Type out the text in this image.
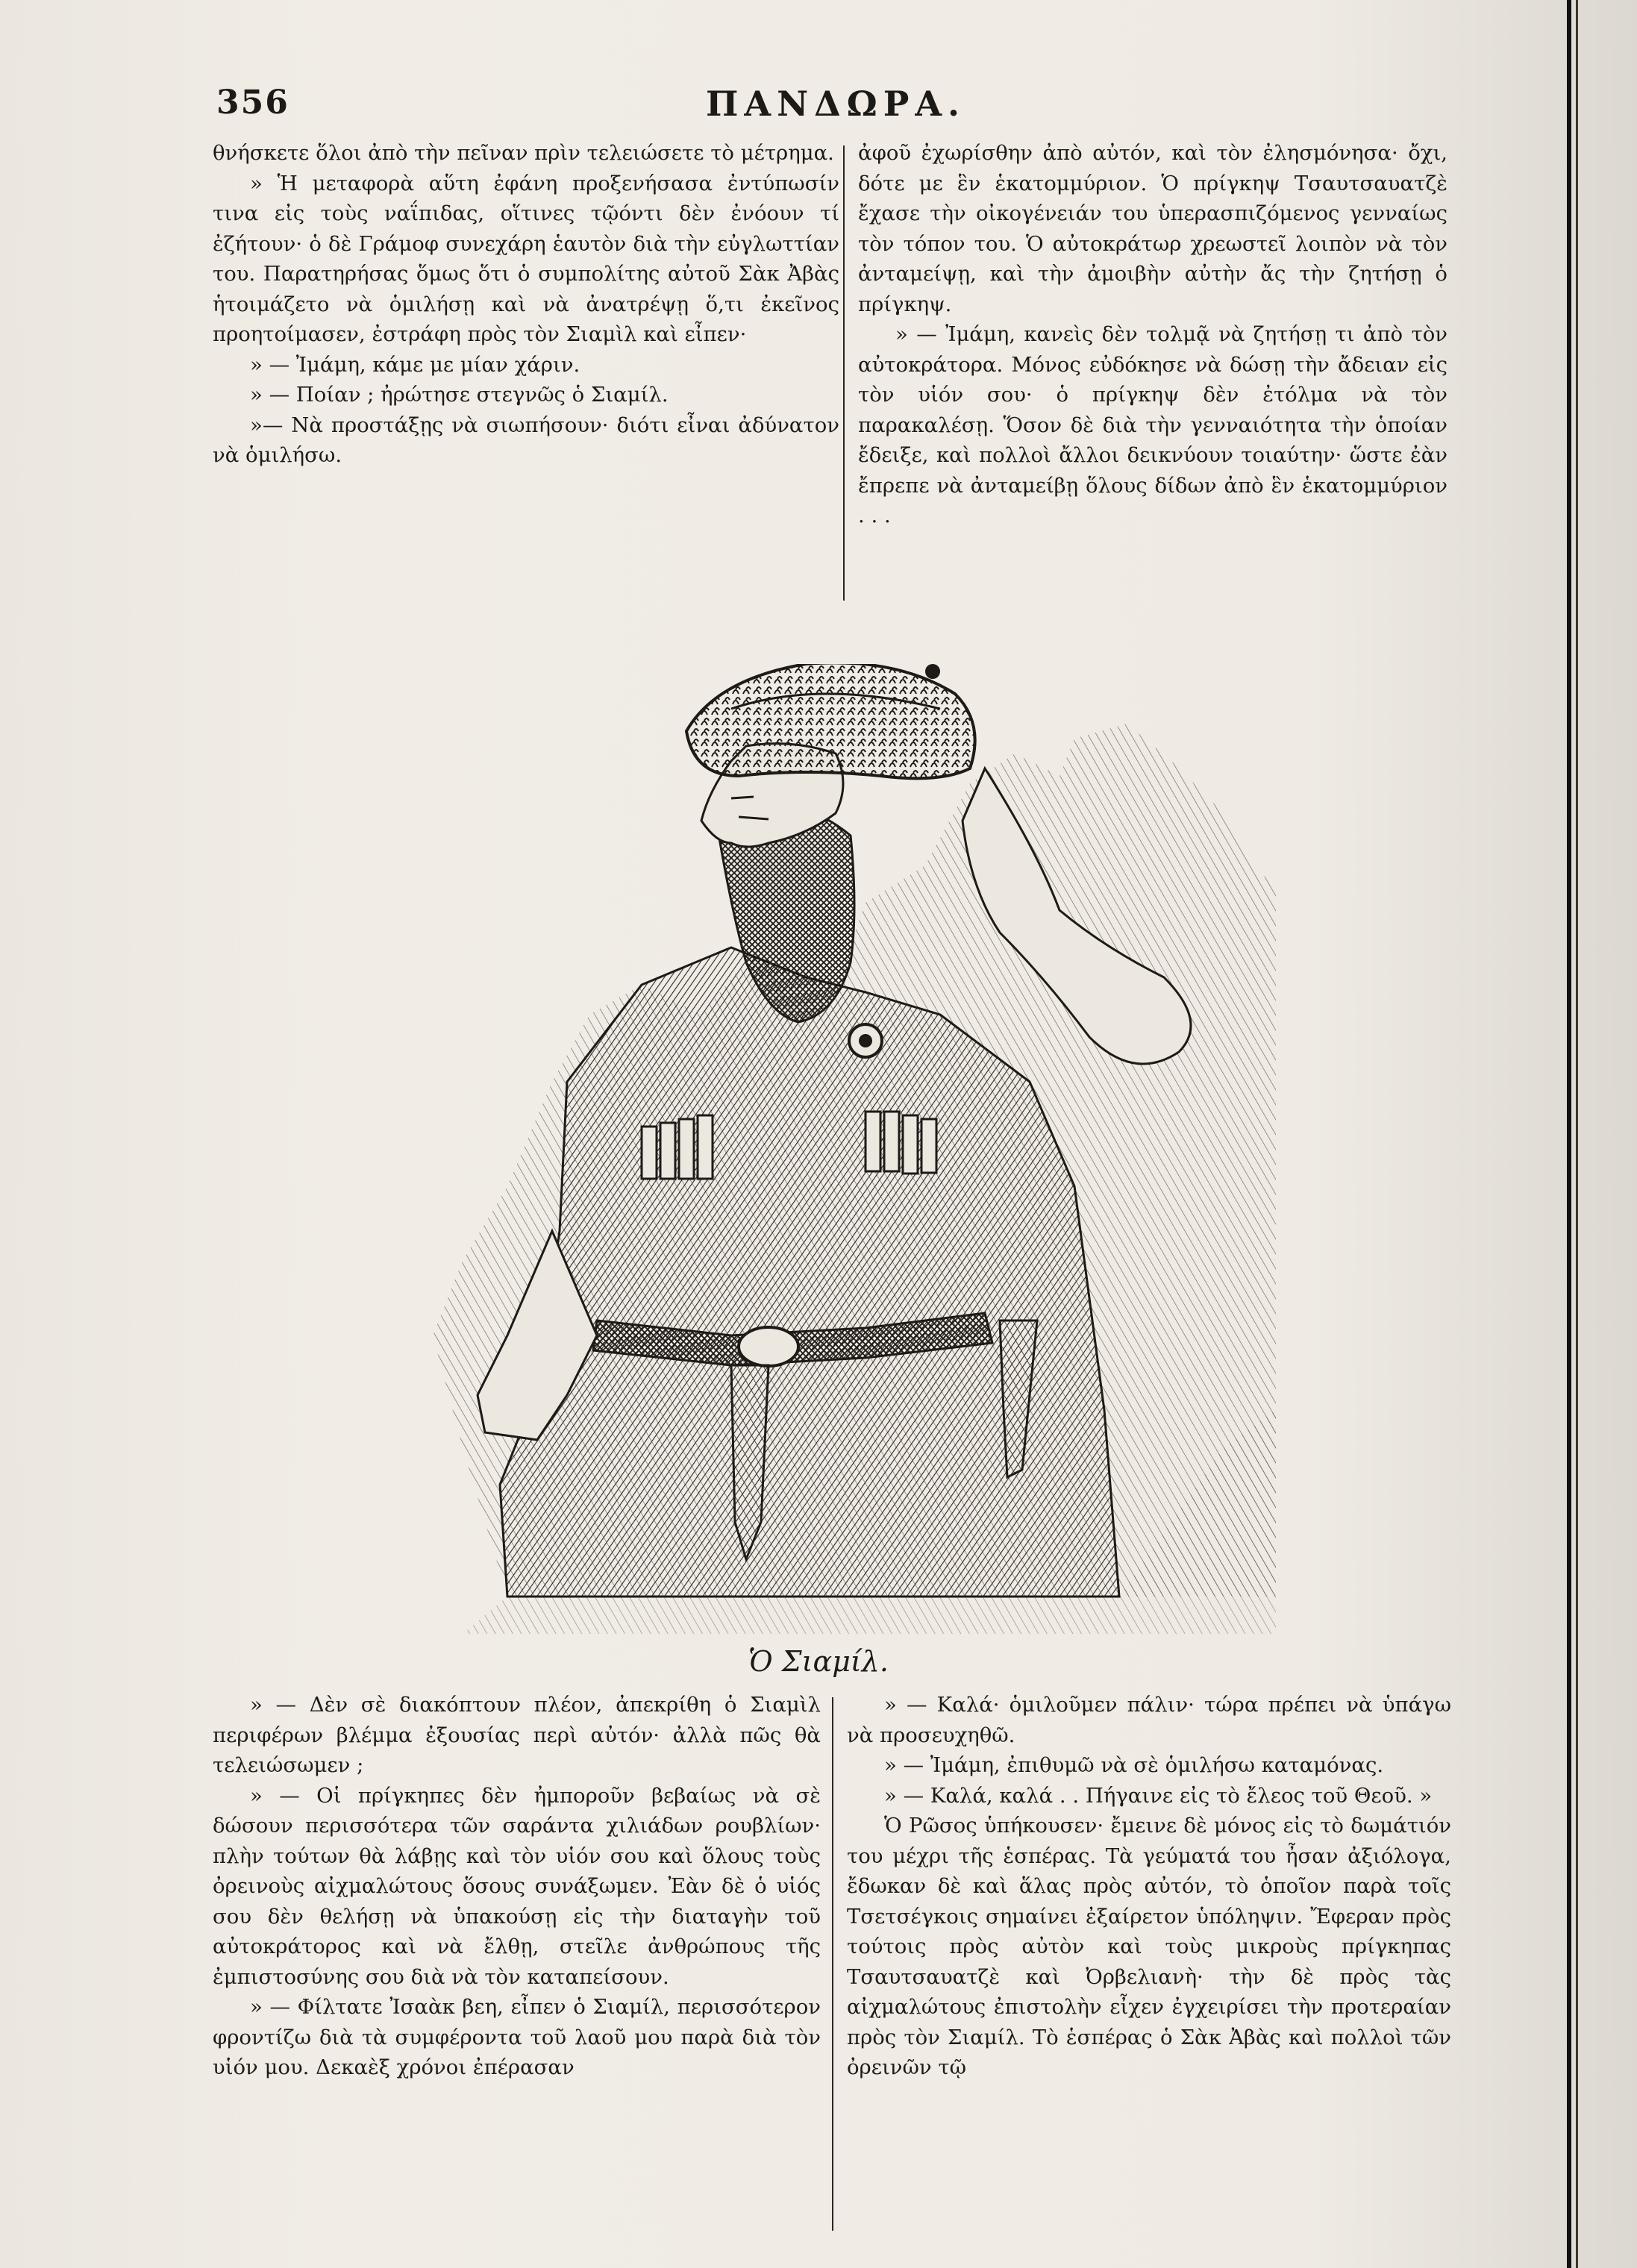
356	ΠΑΝΔΩΡΑ.

θνήσκετε ὅλοι ἀπὸ τὴν πεῖναν πρὶν τελειώσετε τὸ μέτρημα.

» Ἡ μεταφορὰ αὕτη ἐφάνη προξενήσασα ἐντύπωσίν τινα εἰς τοὺς ναΐπιδας, οἵτινες τῷόντι δὲν ἐνόουν τί ἐζήτουν· ὁ δὲ Γράμοφ συνεχάρη ἑαυτὸν διὰ τὴν εὐγλωττίαν του. Παρατηρήσας ὅμως ὅτι ὁ συμπολίτης αὐτοῦ Σὰκ Ἀβὰς ἡτοιμάζετο νὰ ὁμιλήσῃ καὶ νὰ ἀνατρέψῃ ὅ,τι ἐκεῖνος προητοίμασεν, ἐστράφη πρὸς τὸν Σιαμὶλ καὶ εἶπεν·

» — Ἰμάμη, κάμε με μίαν χάριν.

» — Ποίαν ; ἠρώτησε στεγνῶς ὁ Σιαμίλ.

»— Νὰ προστάξῃς νὰ σιωπήσουν· διότι εἶναι ἀδύνατον νὰ ὁμιλήσω.

ἀφοῦ ἐχωρίσθην ἀπὸ αὐτόν, καὶ τὸν ἐλησμόνησα· ὄχι, δότε με ἓν ἑκατομμύριον. Ὁ πρίγκηψ Τσαυτσαυατζὲ ἔχασε τὴν οἰκογένειάν του ὑπερασπιζόμενος γενναίως τὸν τόπον του. Ὁ αὐτοκράτωρ χρεωστεῖ λοιπὸν νὰ τὸν ἀνταμείψῃ, καὶ τὴν ἀμοιβὴν αὐτὴν ἄς τὴν ζητήσῃ ὁ πρίγκηψ.

» — Ἰμάμη, κανεὶς δὲν τολμᾷ νὰ ζητήσῃ τι ἀπὸ τὸν αὐτοκράτορα. Μόνος εὐδόκησε νὰ δώσῃ τὴν ἄδειαν εἰς τὸν υἱόν σου· ὁ πρίγκηψ δὲν ἐτόλμα νὰ τὸν παρακαλέσῃ. Ὅσον δὲ διὰ τὴν γενναιότητα τὴν ὁποίαν ἔδειξε, καὶ πολλοὶ ἄλλοι δεικνύουν τοιαύτην· ὥστε ἐὰν ἔπρεπε νὰ ἀνταμείβῃ ὅλους δίδων ἀπὸ ἓν ἑκατομμύριον . . .

Ὁ Σιαμίλ.

» — Δὲν σὲ διακόπτουν πλέον, ἀπεκρίθη ὁ Σιαμὶλ περιφέρων βλέμμα ἐξουσίας περὶ αὐτόν· ἀλλὰ πῶς θὰ τελειώσωμεν ;

» — Οἱ πρίγκηπες δὲν ἠμποροῦν βεβαίως νὰ σὲ δώσουν περισσότερα τῶν σαράντα χιλιάδων ρουβλίων· πλὴν τούτων θὰ λάβῃς καὶ τὸν υἱόν σου καὶ ὅλους τοὺς ὀρεινοὺς αἰχμαλώτους ὅσους συνάξωμεν. Ἐὰν δὲ ὁ υἱός σου δὲν θελήσῃ νὰ ὑπακούσῃ εἰς τὴν διαταγὴν τοῦ αὐτοκράτορος καὶ νὰ ἔλθῃ, στεῖλε ἀνθρώπους τῆς ἐμπιστοσύνης σου διὰ νὰ τὸν καταπείσουν.

» — Φίλτατε Ἰσαὰκ βεη, εἶπεν ὁ Σιαμίλ, περισσότερον φροντίζω διὰ τὰ συμφέροντα τοῦ λαοῦ μου παρὰ διὰ τὸν υἱόν μου. Δεκαὲξ χρόνοι ἐπέρασαν

» — Καλά· ὁμιλοῦμεν πάλιν· τώρα πρέπει νὰ ὑπάγω νὰ προσευχηθῶ.

» — Ἰμάμη, ἐπιθυμῶ νὰ σὲ ὁμιλήσω καταμόνας.

» — Καλά, καλά . . Πήγαινε εἰς τὸ ἔλεος τοῦ Θεοῦ. »

Ὁ Ρῶσος ὑπήκουσεν· ἔμεινε δὲ μόνος εἰς τὸ δωμάτιόν του μέχρι τῆς ἑσπέρας. Τὰ γεύματά του ἦσαν ἀξιόλογα, ἔδωκαν δὲ καὶ ἅλας πρὸς αὐτόν, τὸ ὁποῖον παρὰ τοῖς Τσετσέγκοις σημαίνει ἐξαίρετον ὑπόληψιν. Ἔφεραν πρὸς τούτοις πρὸς αὐτὸν καὶ τοὺς μικροὺς πρίγκηπας Τσαυτσαυατζὲ καὶ Ὀρβελιανὴ· τὴν δὲ πρὸς τὰς αἰχμαλώτους ἐπιστολὴν εἶχεν ἐγχειρίσει τὴν προτεραίαν πρὸς τὸν Σιαμίλ. Τὸ ἑσπέρας ὁ Σὰκ Ἀβὰς καὶ πολλοὶ τῶν ὀρεινῶν τῷ
